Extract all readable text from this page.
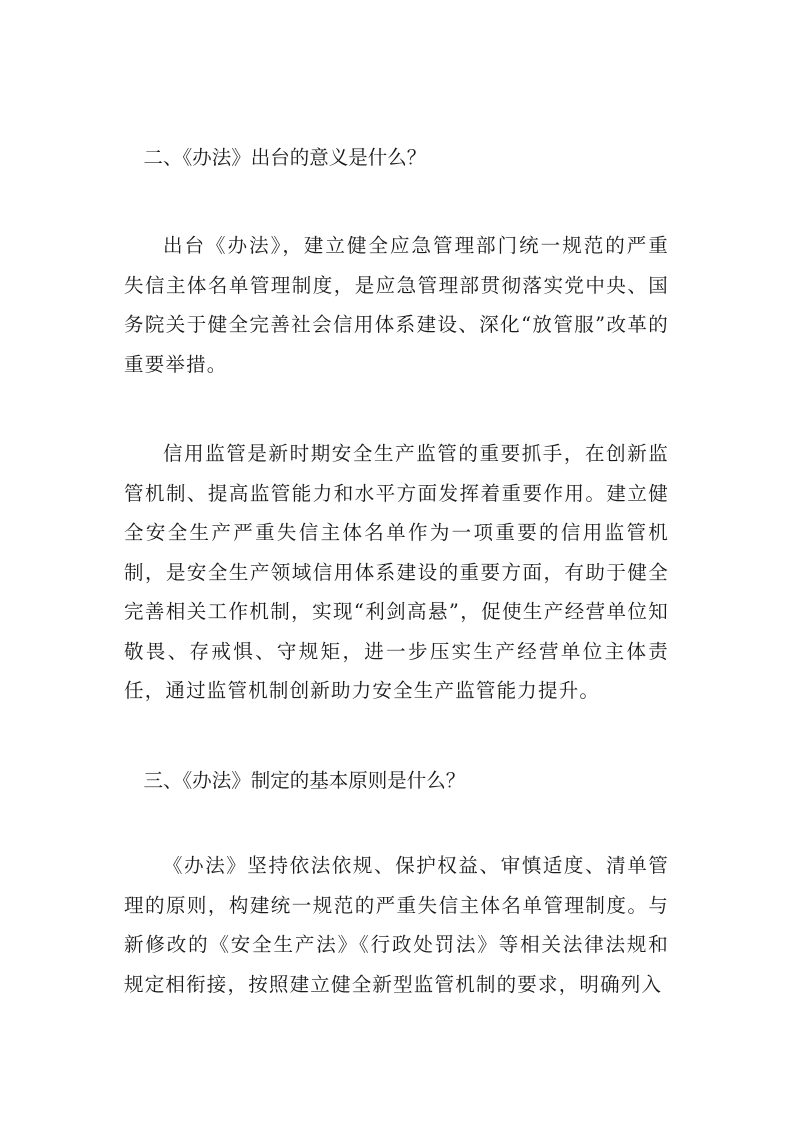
　二、《办法》出台的意义是什么？
出台《办法》，建立健全应急管理部门统一规范的严重失信主体名单管理制度，是应急管理部贯彻落实党中央、国务院关于健全完善社会信用体系建设、深化“放管服”改革的重要举措。
信用监管是新时期安全生产监管的重要抓手，在创新监管机制、提高监管能力和水平方面发挥着重要作用。建立健全安全生产严重失信主体名单作为一项重要的信用监管机制，是安全生产领域信用体系建设的重要方面，有助于健全完善相关工作机制，实现“利剑高悬”，促使生产经营单位知敬畏、存戒惧、守规矩，进一步压实生产经营单位主体责任，通过监管机制创新助力安全生产监管能力提升。
　三、《办法》制定的基本原则是什么？
《办法》坚持依法依规、保护权益、审慎适度、清单管理的原则，构建统一规范的严重失信主体名单管理制度。与新修改的《安全生产法》《行政处罚法》等相关法律法规和规定相衔接，按照建立健全新型监管机制的要求，明确列入
